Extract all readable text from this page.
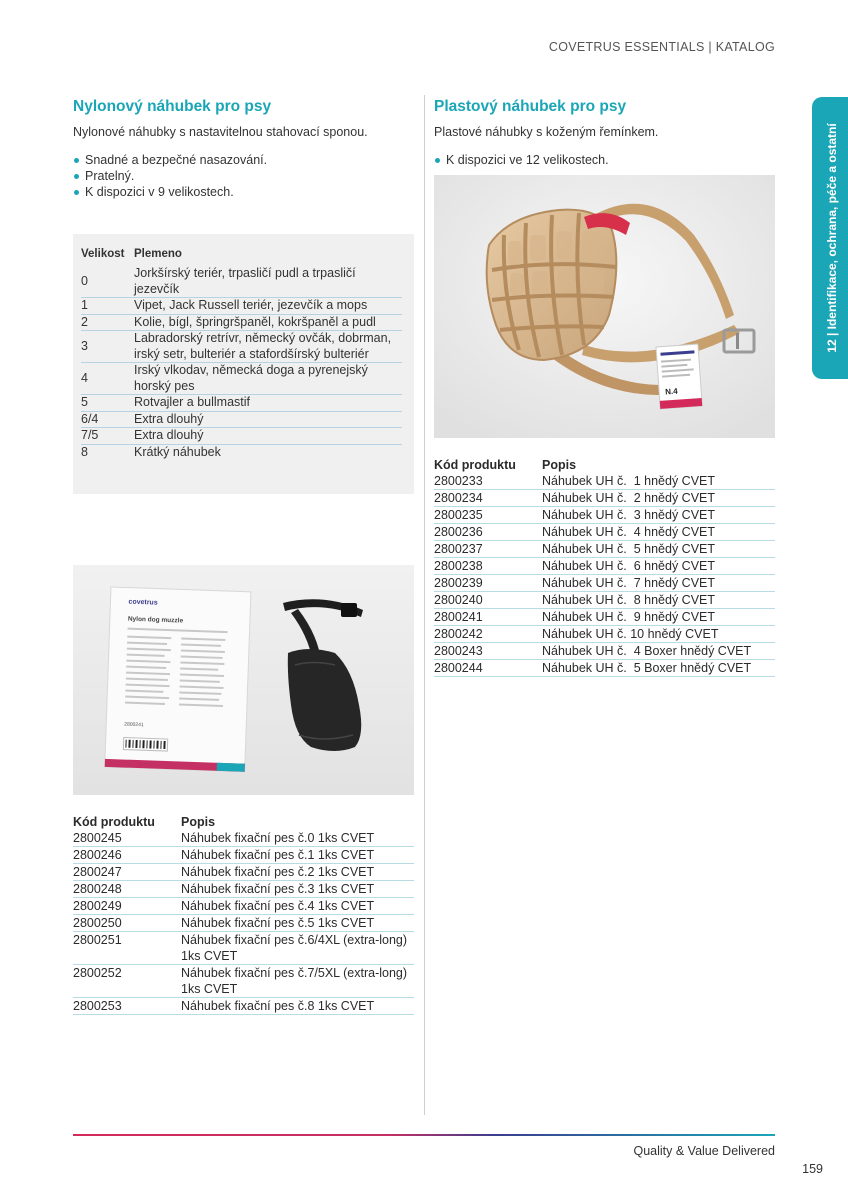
COVETRUS ESSENTIALS | KATALOG
12 | Identifikace, ochrana, péče a ostatní
Nylonový náhubek pro psy
Nylonové náhubky s nastavitelnou stahovací sponou.
Snadné a bezpečné nasazování.
Pratelný.
K dispozici v 9 velikostech.
Velikost	Plemeno
0	Jorkšírský teriér, trpasličí pudl a trpasličí jezevčík
1	Vipet, Jack Russell teriér, jezevčík a mops
2	Kolie, bígl, špringršpaněl, kokršpaněl a pudl
3	Labradorský retrívr, německý ovčák, dobrman, irský setr, bulteriér a stafordšírský bulteriér
4	Irský vlkodav, německá doga a pyrenejský horský pes
5	Rotvajler a bullmastif
6/4	Extra dlouhý
7/5	Extra dlouhý
8	Krátký náhubek
covetrus
Nylon dog muzzle
2800241
Kód produktu	Popis
2800245	Náhubek fixační pes č.0 1ks CVET
2800246	Náhubek fixační pes č.1 1ks CVET
2800247	Náhubek fixační pes č.2 1ks CVET
2800248	Náhubek fixační pes č.3 1ks CVET
2800249	Náhubek fixační pes č.4 1ks CVET
2800250	Náhubek fixační pes č.5 1ks CVET
2800251	Náhubek fixační pes č.6/4XL (extra-long) 1ks CVET
2800252	Náhubek fixační pes č.7/5XL (extra-long) 1ks CVET
2800253	Náhubek fixační pes č.8 1ks CVET
Plastový náhubek pro psy
Plastové náhubky s koženým řemínkem.
K dispozici ve 12 velikostech.
N.4
Kód produktu	Popis
2800233	Náhubek UH č.  1 hnědý CVET
2800234	Náhubek UH č.  2 hnědý CVET
2800235	Náhubek UH č.  3 hnědý CVET
2800236	Náhubek UH č.  4 hnědý CVET
2800237	Náhubek UH č.  5 hnědý CVET
2800238	Náhubek UH č.  6 hnědý CVET
2800239	Náhubek UH č.  7 hnědý CVET
2800240	Náhubek UH č.  8 hnědý CVET
2800241	Náhubek UH č.  9 hnědý CVET
2800242	Náhubek UH č. 10 hnědý CVET
2800243	Náhubek UH č.  4 Boxer hnědý CVET
2800244	Náhubek UH č.  5 Boxer hnědý CVET
Quality & Value Delivered
159
